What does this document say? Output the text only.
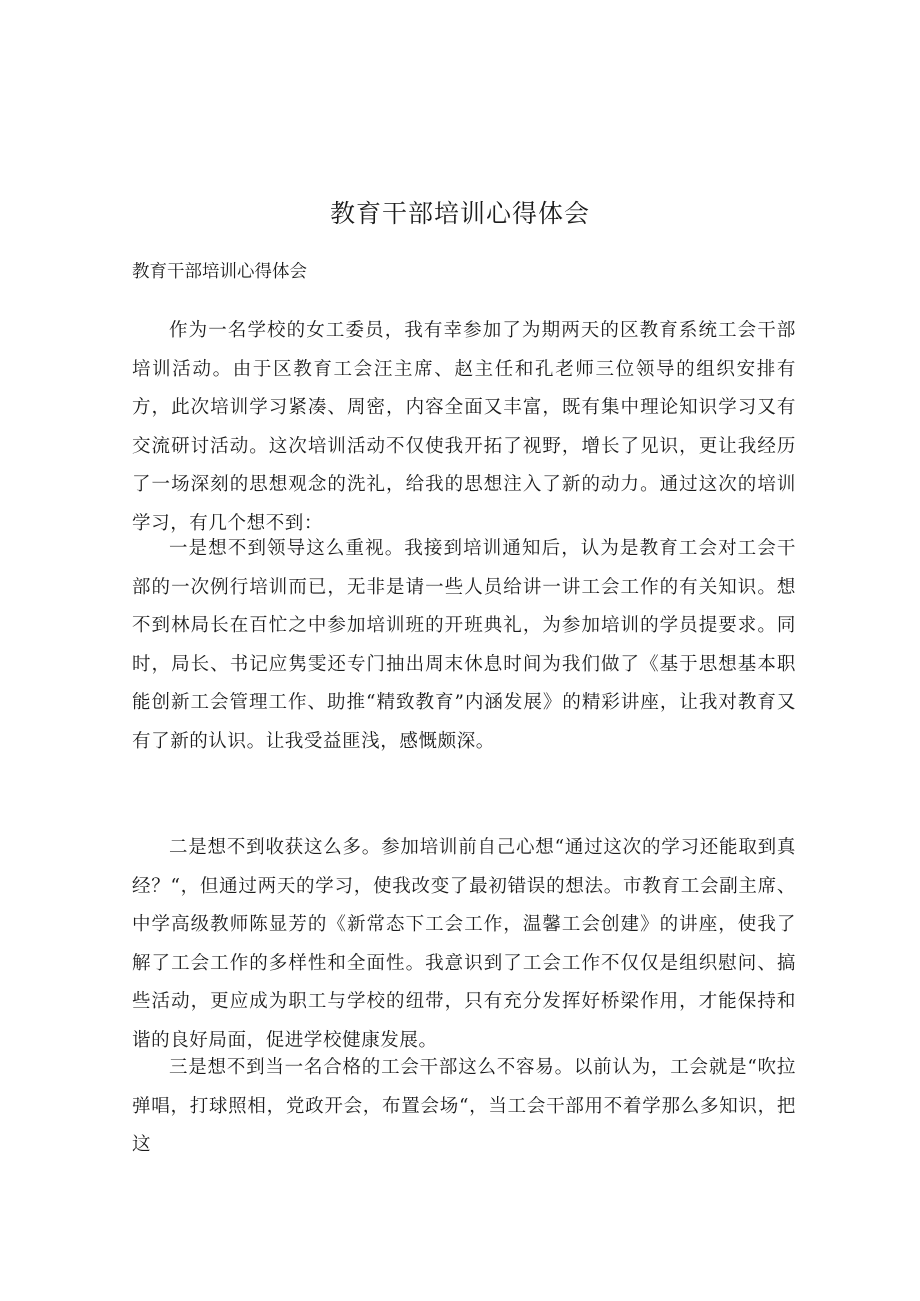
教育干部培训心得体会

教育干部培训心得体会

作为一名学校的女工委员，我有幸参加了为期两天的区教育系统工会干部培训活动。由于区教育工会汪主席、赵主任和孔老师三位领导的组织安排有方，此次培训学习紧凑、周密，内容全面又丰富，既有集中理论知识学习又有交流研讨活动。这次培训活动不仅使我开拓了视野，增长了见识，更让我经历了一场深刻的思想观念的洗礼，给我的思想注入了新的动力。通过这次的培训学习，有几个想不到：

一是想不到领导这么重视。我接到培训通知后，认为是教育工会对工会干部的一次例行培训而已，无非是请一些人员给讲一讲工会工作的有关知识。想不到林局长在百忙之中参加培训班的开班典礼，为参加培训的学员提要求。同时，局长、书记应隽雯还专门抽出周末休息时间为我们做了《基于思想基本职能创新工会管理工作、助推“精致教育”内涵发展》的精彩讲座，让我对教育又有了新的认识。让我受益匪浅，感慨颇深。

二是想不到收获这么多。参加培训前自己心想“通过这次的学习还能取到真经？“，但通过两天的学习，使我改变了最初错误的想法。市教育工会副主席、中学高级教师陈显芳的《新常态下工会工作，温馨工会创建》的讲座，使我了解了工会工作的多样性和全面性。我意识到了工会工作不仅仅是组织慰问、搞些活动，更应成为职工与学校的纽带，只有充分发挥好桥梁作用，才能保持和谐的良好局面，促进学校健康发展。

三是想不到当一名合格的工会干部这么不容易。以前认为，工会就是“吹拉弹唱，打球照相，党政开会，布置会场“，当工会干部用不着学那么多知识，把这
